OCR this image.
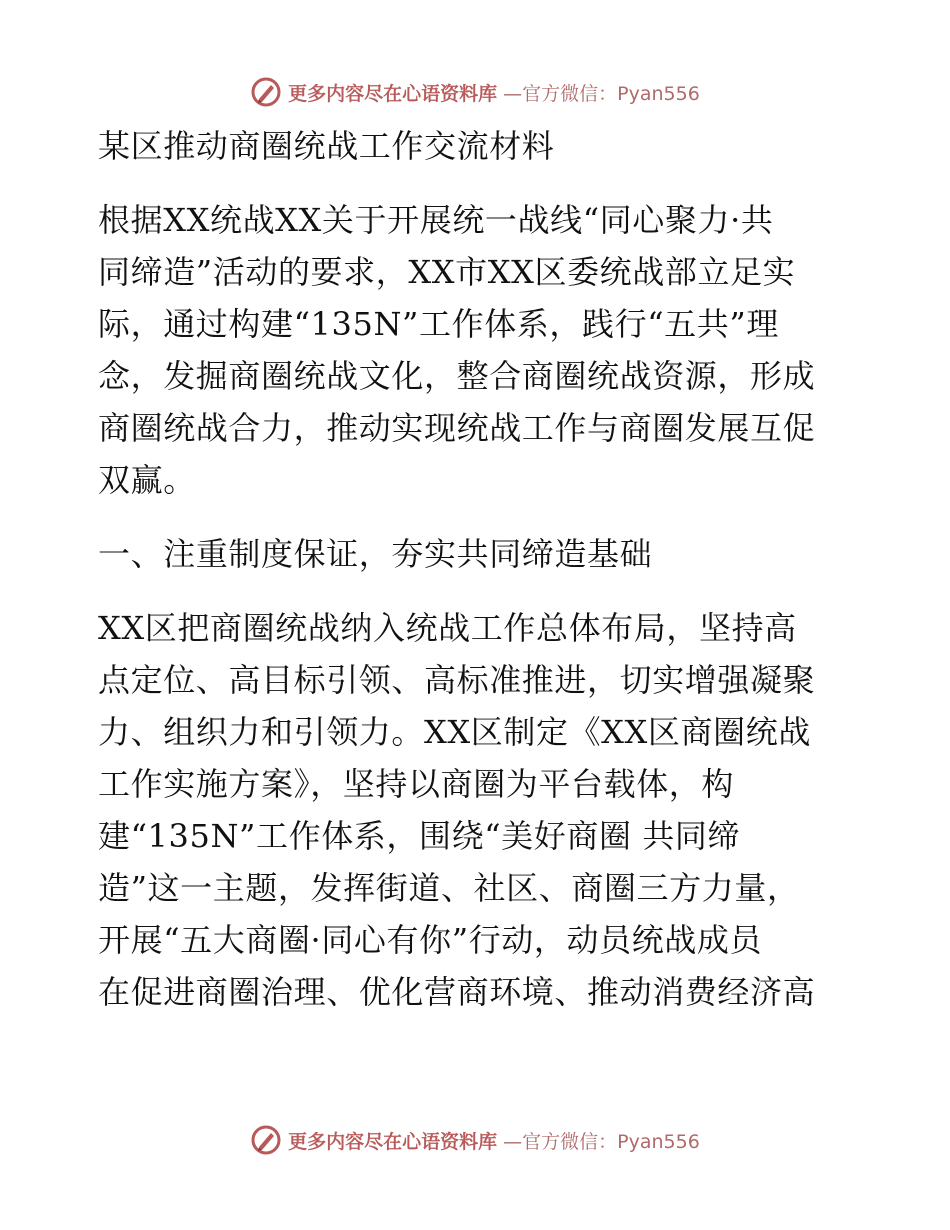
更多内容尽在心语资料库 —官方微信：Pyan556
某区推动商圈统战工作交流材料
根据XX统战XX关于开展统一战线“同心聚力·共
同缔造”活动的要求，XX市XX区委统战部立足实
际，通过构建“135N”工作体系，践行“五共”理
念，发掘商圈统战文化，整合商圈统战资源，形成
商圈统战合力，推动实现统战工作与商圈发展互促
双赢。
一、注重制度保证，夯实共同缔造基础
XX区把商圈统战纳入统战工作总体布局，坚持高
点定位、高目标引领、高标准推进，切实增强凝聚
力、组织力和引领力。XX区制定《XX区商圈统战
工作实施方案》，坚持以商圈为平台载体，构
建“135N”工作体系，围绕“美好商圈 共同缔
造”这一主题，发挥街道、社区、商圈三方力量，
开展“五大商圈·同心有你”行动，动员统战成员
在促进商圈治理、优化营商环境、推动消费经济高
更多内容尽在心语资料库 —官方微信：Pyan556
